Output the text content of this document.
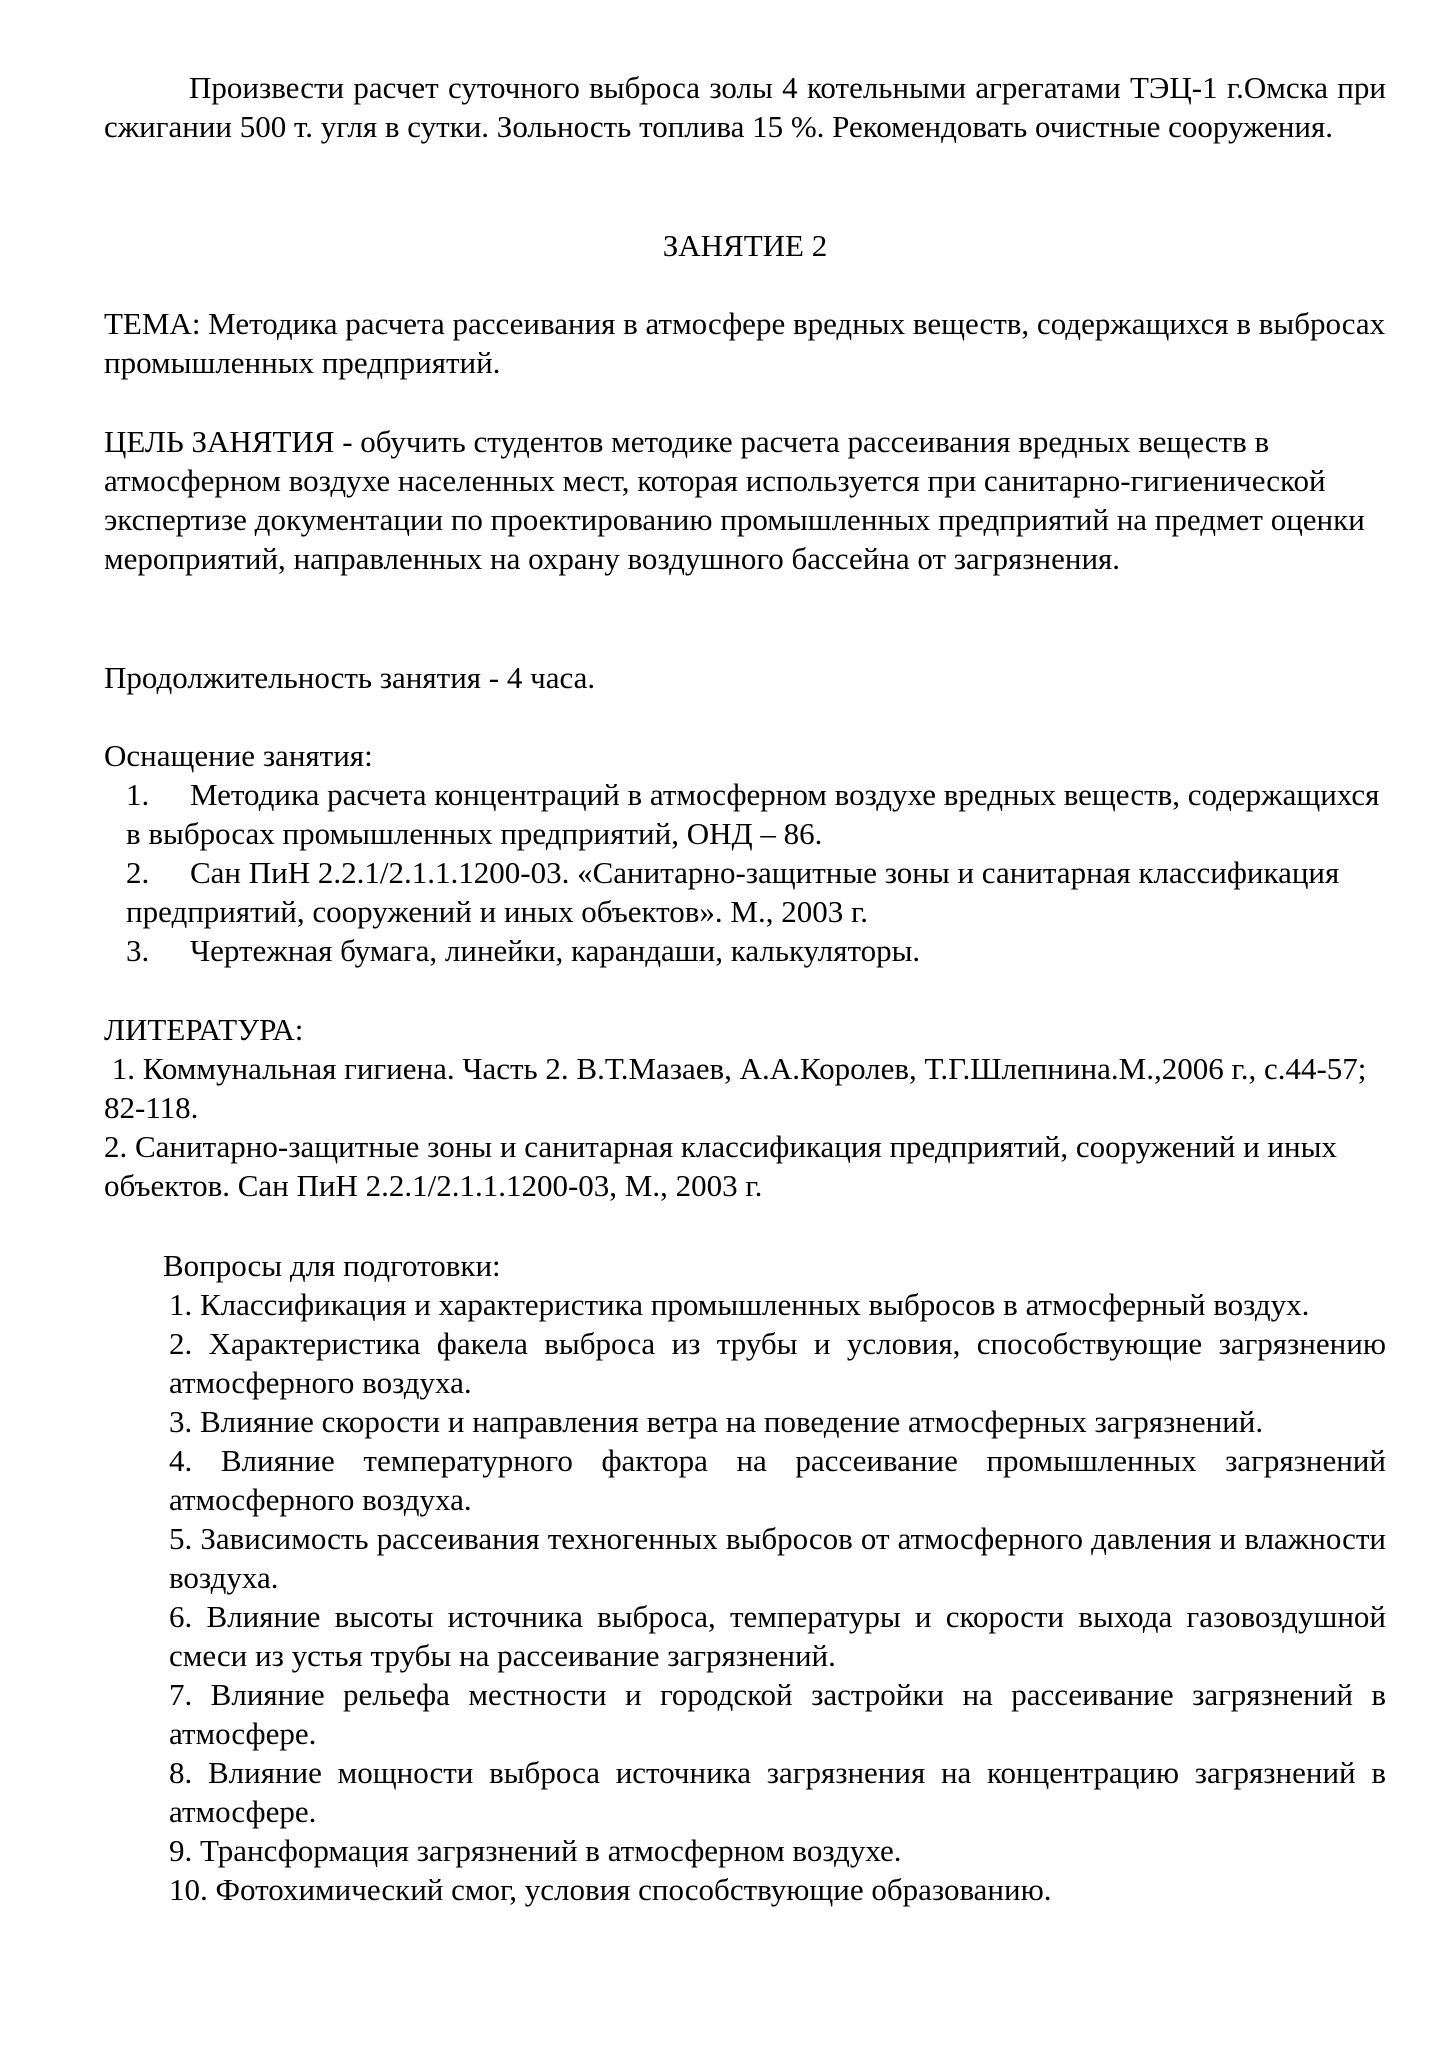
Произвести расчет суточного выброса золы 4 котельными агрегатами ТЭЦ-1 г.Омска при сжигании 500 т. угля в сутки. Зольность топлива 15 %. Рекомендовать очистные сооружения.

ЗАНЯТИЕ 2

ТЕМА: Методика расчета рассеивания в атмосфере вредных веществ, содержащихся в выбросах промышленных предприятий.

ЦЕЛЬ ЗАНЯТИЯ - обучить студентов методике расчета рассеивания вредных веществ в атмосферном воздухе населенных мест, которая используется при санитарно-гигиенической экспертизе документации по проектированию промышленных предприятий на предмет оценки мероприятий, направленных на охрану воздушного бассейна от загрязнения.

Продолжительность занятия - 4 часа.

Оснащение занятия:

1. Методика расчета концентраций в атмосферном воздухе вредных веществ, содержащихся в выбросах промышленных предприятий, ОНД – 86.
2. Сан ПиН 2.2.1/2.1.1.1200-03. «Санитарно-защитные зоны и санитарная классификация предприятий, сооружений и иных объектов». М., 2003 г.
3. Чертежная бумага, линейки, карандаши, калькуляторы.

ЛИТЕРАТУРА:

1. Коммунальная гигиена. Часть 2. В.Т.Мазаев, А.А.Королев, Т.Г.Шлепнина.М.,2006 г., с.44-57; 82-118.
2. Санитарно-защитные зоны и санитарная классификация предприятий, сооружений и иных объектов. Сан ПиН 2.2.1/2.1.1.1200-03, М., 2003 г.

Вопросы для подготовки:

1. Классификация и характеристика промышленных выбросов в атмосферный воздух.
2. Характеристика факела выброса из трубы и условия, способствующие загрязнению атмосферного воздуха.
3. Влияние скорости и направления ветра на поведение атмосферных загрязнений.
4. Влияние температурного фактора на рассеивание промышленных загрязнений атмосферного воздуха.
5. Зависимость рассеивания техногенных выбросов от атмосферного давления и влажности воздуха.
6. Влияние высоты источника выброса, температуры и скорости выхода газовоздушной смеси из устья трубы на рассеивание загрязнений.
7. Влияние рельефа местности и городской застройки на рассеивание загрязнений в атмосфере.
8. Влияние мощности выброса источника загрязнения на концентрацию загрязнений в атмосфере.
9. Трансформация загрязнений в атмосферном воздухе.
10. Фотохимический смог, условия способствующие образованию.
